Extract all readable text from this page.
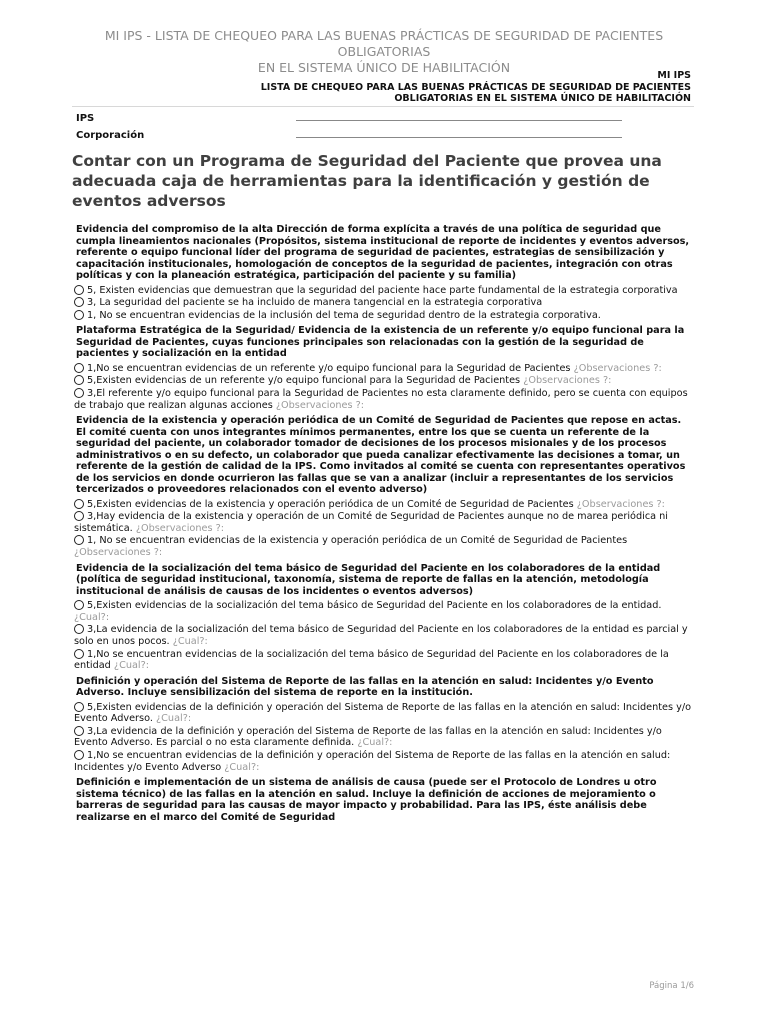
MI IPS - LISTA DE CHEQUEO PARA LAS BUENAS PRÁCTICAS DE SEGURIDAD DE PACIENTES OBLIGATORIAS
EN EL SISTEMA ÚNICO DE HABILITACIÓN
MI IPS
LISTA DE CHEQUEO PARA LAS BUENAS PRÁCTICAS DE SEGURIDAD DE PACIENTES
OBLIGATORIAS EN EL SISTEMA ÚNICO DE HABILITACIÓN
IPS
Corporación
Contar con un Programa de Seguridad del Paciente que provea una adecuada caja de herramientas para la identificación y gestión de eventos adversos
Evidencia del compromiso de la alta Dirección de forma explícita a través de una política de seguridad que cumpla lineamientos nacionales (Propósitos, sistema institucional de reporte de incidentes y eventos adversos, referente o equipo funcional líder del programa de seguridad de pacientes, estrategias de sensibilización y capacitación institucionales, homologación de conceptos de la seguridad de pacientes, integración con otras políticas y con la planeación estratégica, participación del paciente y su familia)
5, Existen evidencias que demuestran que la seguridad del paciente hace parte fundamental de la estrategia corporativa
3, La seguridad del paciente se ha incluido de manera tangencial en la estrategia corporativa
1, No se encuentran evidencias de la inclusión del tema de seguridad dentro de la estrategia corporativa.
Plataforma Estratégica de la Seguridad/ Evidencia de la existencia de un referente y/o equipo funcional para la Seguridad de Pacientes, cuyas funciones principales son relacionadas con la gestión de la seguridad de pacientes y socialización en la entidad
1,No se encuentran evidencias de un referente y/o equipo funcional para la Seguridad de Pacientes ¿Observaciones ?:
5,Existen evidencias de un referente y/o equipo funcional para la Seguridad de Pacientes ¿Observaciones ?:
3,El referente y/o equipo funcional para la Seguridad de Pacientes no esta claramente definido, pero se cuenta con equipos de trabajo que realizan algunas acciones ¿Observaciones ?:
Evidencia de la existencia y operación periódica de un Comité de Seguridad de Pacientes que repose en actas. El comité cuenta con unos integrantes mínimos permanentes, entre los que se cuenta un referente de la seguridad del paciente, un colaborador tomador de decisiones de los procesos misionales y de los procesos administrativos o en su defecto, un colaborador que pueda canalizar efectivamente las decisiones a tomar, un referente de la gestión de calidad de la IPS. Como invitados al comité se cuenta con representantes operativos de los servicios en donde ocurrieron las fallas que se van a analizar (incluir a representantes de los servicios tercerizados o proveedores relacionados con el evento adverso)
5,Existen evidencias de la existencia y operación periódica de un Comité de Seguridad de Pacientes ¿Observaciones ?:
3,Hay evidencia de la existencia y operación de un Comité de Seguridad de Pacientes aunque no de marea periódica ni sistemática. ¿Observaciones ?:
1, No se encuentran evidencias de la existencia y operación periódica de un Comité de Seguridad de Pacientes ¿Observaciones ?:
Evidencia de la socialización del tema básico de Seguridad del Paciente en los colaboradores de la entidad (política de seguridad institucional, taxonomía, sistema de reporte de fallas en la atención, metodología institucional de análisis de causas de los incidentes o eventos adversos)
5,Existen evidencias de la socialización del tema básico de Seguridad del Paciente en los colaboradores de la entidad. ¿Cual?:
3,La evidencia de la socialización del tema básico de Seguridad del Paciente en los colaboradores de la entidad es parcial y solo en unos pocos. ¿Cual?:
1,No se encuentran evidencias de la socialización del tema básico de Seguridad del Paciente en los colaboradores de la entidad ¿Cual?:
Definición y operación del Sistema de Reporte de las fallas en la atención en salud: Incidentes y/o Evento Adverso. Incluye sensibilización del sistema de reporte en la institución.
5,Existen evidencias de la definición y operación del Sistema de Reporte de las fallas en la atención en salud: Incidentes y/o Evento Adverso. ¿Cual?:
3,La evidencia de la definición y operación del Sistema de Reporte de las fallas en la atención en salud: Incidentes y/o Evento Adverso. Es parcial o no esta claramente definida. ¿Cual?:
1,No se encuentran evidencias de la definición y operación del Sistema de Reporte de las fallas en la atención en salud: Incidentes y/o Evento Adverso ¿Cual?:
Definición e implementación de un sistema de análisis de causa (puede ser el Protocolo de Londres u otro sistema técnico) de las fallas en la atención en salud. Incluye la definición de acciones de mejoramiento o barreras de seguridad para las causas de mayor impacto y probabilidad. Para las IPS, éste análisis debe realizarse en el marco del Comité de Seguridad
Página 1/6
